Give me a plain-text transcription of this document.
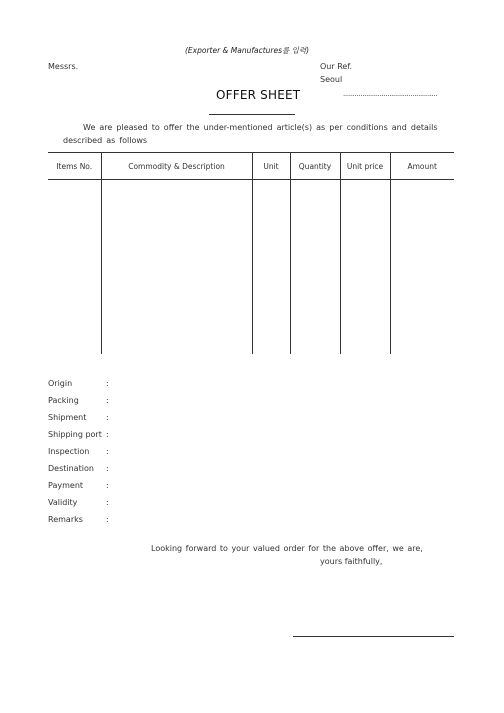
(Exporter & Manufactures를 입력)
Messrs.	Our Ref.
Seoul
OFFER SHEET	.................................................
We are pleased to offer the under-mentioned article(s) as per conditions and details
described as follows
Items No.	Commodity & Description	Unit	Quantity	Unit price	Amount

Origin	:
Packing	:
Shipment :
Shipping port :
Inspection :
Destination :
Payment	:
Validity	:
Remarks	:
Looking forward to your valued order for the above offer, we are,
yours faithfully,
